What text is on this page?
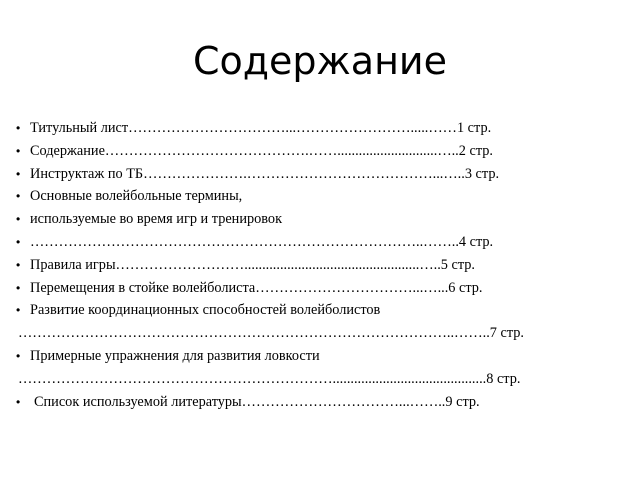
Содержание
• Титульный лист……………………………...…………………….....……1 стр.
• Содержание…………………………………….……............................…..2 стр.
• Инструктаж по ТБ………………….…………………………………...…..3 стр.
• Основные волейбольные термины,
• используемые во время игр и тренировок
• ………………………………………………………………………..……..4 стр.
• Правила игры……………………….................................................…..5 стр.
• Перемещения в стойке волейболиста……………………………...…...6 стр.
• Развитие координационных способностей волейболистов
………………………………………………………………………………..……..7 стр.
• Примерные упражнения для развития ловкости
…………………………………………………………...........................................8 стр.
• Список используемой литературы……………………………...……..9 стр.
